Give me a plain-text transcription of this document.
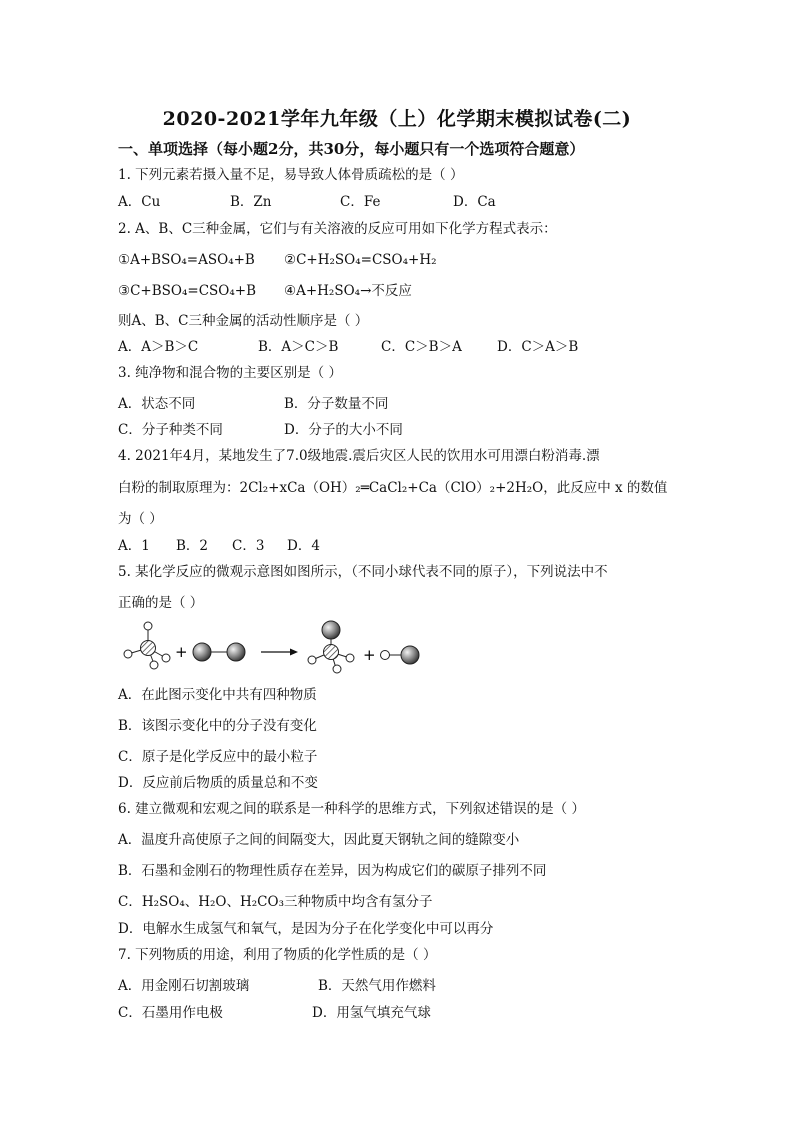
2020-2021学年九年级（上）化学期末模拟试卷(二)
一、单项选择（每小题2分，共30分，每小题只有一个选项符合题意）
1. 下列元素若摄入量不足，易导致人体骨质疏松的是（ ）
A．Cu	B．Zn	C．Fe	D．Ca
2. A、B、C三种金属，它们与有关溶液的反应可用如下化学方程式表示：
①A+BSO₄=ASO₄+B ②C+H₂SO₄=CSO₄+H₂
③C+BSO₄=CSO₄+B ④A+H₂SO₄→不反应
则A、B、C三种金属的活动性顺序是（ ）
A．A＞B＞C	B．A＞C＞B	C．C＞B＞A	D．C＞A＞B
3. 纯净物和混合物的主要区别是（ ）
A．状态不同	B．分子数量不同
C．分子种类不同	D．分子的大小不同
4. 2021年4月，某地发生了7.0级地震.震后灾区人民的饮用水可用漂白粉消毒.漂
白粉的制取原理为：2Cl₂+xCa（OH）₂═CaCl₂+Ca（ClO）₂+2H₂O，此反应中 x 的数值
为（ ）
A．1 B．2 C．3 D．4
5. 某化学反应的微观示意图如图所示，（不同小球代表不同的原子），下列说法中不
正确的是（ ）
+	+
A．在此图示变化中共有四种物质
B．该图示变化中的分子没有变化
C．原子是化学反应中的最小粒子
D．反应前后物质的质量总和不变
6. 建立微观和宏观之间的联系是一种科学的思维方式，下列叙述错误的是（ ）
A．温度升高使原子之间的间隔变大，因此夏天钢轨之间的缝隙变小
B．石墨和金刚石的物理性质存在差异，因为构成它们的碳原子排列不同
C．H₂SO₄、H₂O、H₂CO₃三种物质中均含有氢分子
D．电解水生成氢气和氧气，是因为分子在化学变化中可以再分
7. 下列物质的用途，利用了物质的化学性质的是（ ）
A．用金刚石切割玻璃	B．天然气用作燃料
C．石墨用作电极	D．用氢气填充气球
